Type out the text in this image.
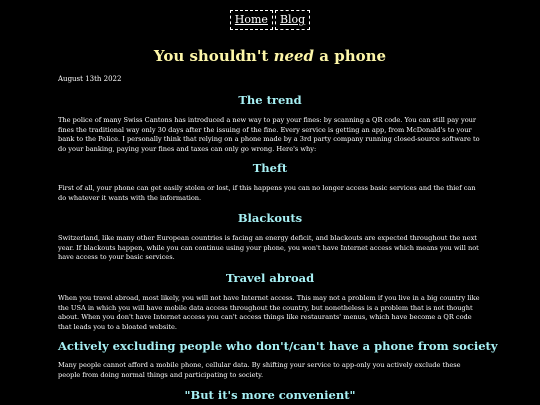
Home	Blog
You shouldn't need a phone

August 13th 2022

The trend

The police of many Swiss Cantons has introduced a new way to pay your fines: by scanning a QR code. You can still pay your fines the traditional way only 30 days after the issuing of the fine. Every service is getting an app, from McDonald's to your bank to the Police. I personally think that relying on a phone made by a 3rd party company running closed-source software to do your banking, paying your fines and taxes can only go wrong. Here's why:

Theft

First of all, your phone can get easily stolen or lost, if this happens you can no longer access basic services and the thief can do whatever it wants with the information.

Blackouts

Switzerland, like many other European countries is facing an energy deficit, and blackouts are expected throughout the next year. If blackouts happen, while you can continue using your phone, you won't have Internet access which means you will not have access to your basic services.

Travel abroad

When you travel abroad, most likely, you will not have Internet access. This may not a problem if you live in a big country like the USA in which you will have mobile data access throughout the country, but nonetheless is a problem that is not thought about. When you don't have Internet access you can't access things like restaurants' menus, which have become a QR code that leads you to a bloated website.

Actively excluding people who don't/can't have a phone from society

Many people cannot afford a mobile phone, cellular data. By shifting your service to app-only you actively exclude these people from doing normal things and participating to society.

"But it's more convenient"
